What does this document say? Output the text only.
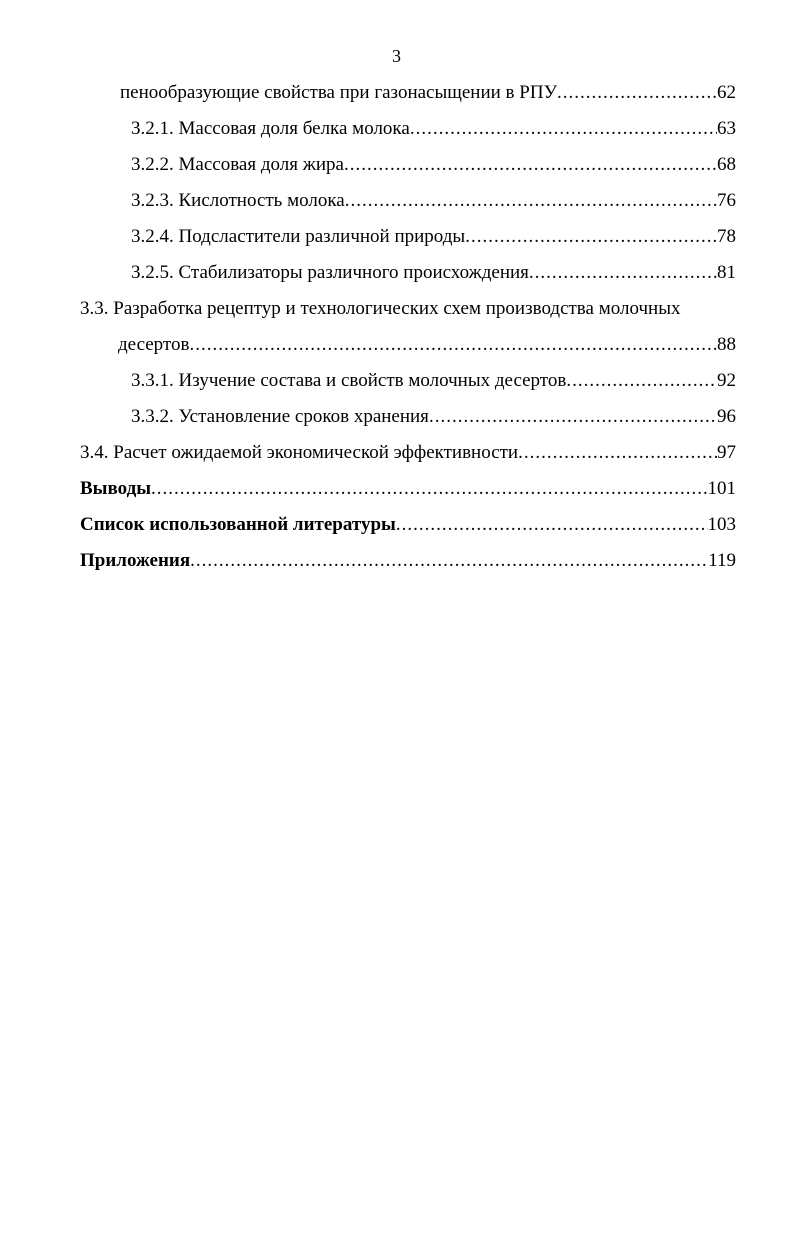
3
пенообразующие свойства при газонасыщении в РПУ .....	62
3.2.1. Массовая доля белка молока .....	63
3.2.2. Массовая доля жира .....	68
3.2.3. Кислотность молока .....	76
3.2.4. Подсластители различной природы .....	78
3.2.5. Стабилизаторы различного происхождения .....	81
3.3. Разработка рецептур и технологических схем производства молочных
десертов .....	88
3.3.1. Изучение состава и свойств молочных десертов .....	92
3.3.2. Установление сроков хранения .....	96
3.4. Расчет ожидаемой экономической эффективности .....	97
Выводы .....	101
Список использованной литературы .....	103
Приложения .....	119
